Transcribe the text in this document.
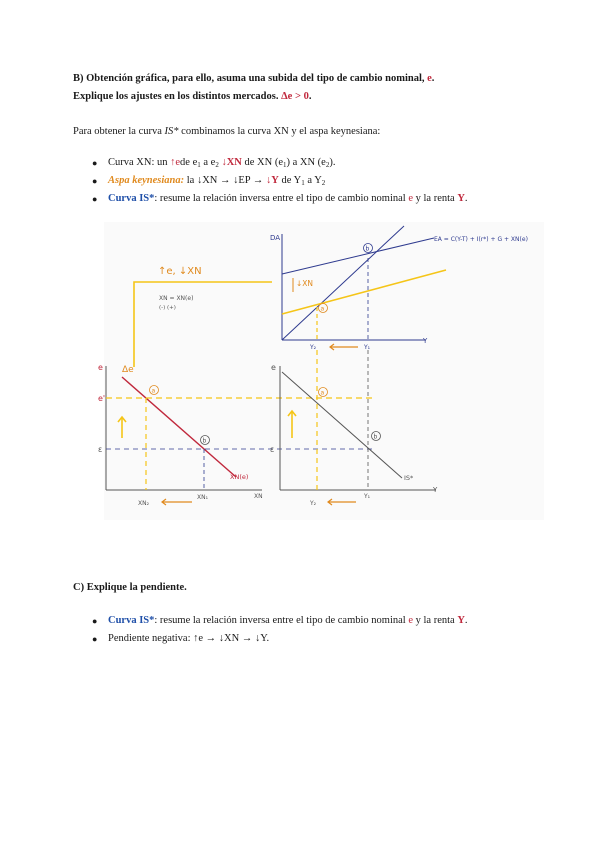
B) Obtención gráfica, para ello, asuma una subida del tipo de cambio nominal, e.
Explique los ajustes en los distintos mercados. Δe > 0.
Para obtener la curva IS* combinamos la curva XN y el aspa keynesiana:
● Curva XN: un ↑ede $e_1$ a $e_2$ ↓XN de XN $(e_1)$ a XN $(e_2)$.
● Aspa keynesiana: la ↓XN → ↓EP → ↓Y de $Y_1$ a $Y_2$
● Curva IS*: resume la relación inversa entre el tipo de cambio nominal e y la renta Y.
DA	EA = C(Y-T) + I(r*) + G + XN(e)
b
a
↓XN
Y
Y₂	Y₁
↑e, ↓XN
XN = XN(e)
(-) (+)
e Δe
XN(e)
e'
ε
a
b
XN
XN₂
XN₁
e
ε
IS*
a
b
Y
Y₂
Y₁
C) Explique la pendiente.
● Curva IS*: resume la relación inversa entre el tipo de cambio nominal e y la renta Y.
● Pendiente negativa: ↑e → ↓XN → ↓Y.
